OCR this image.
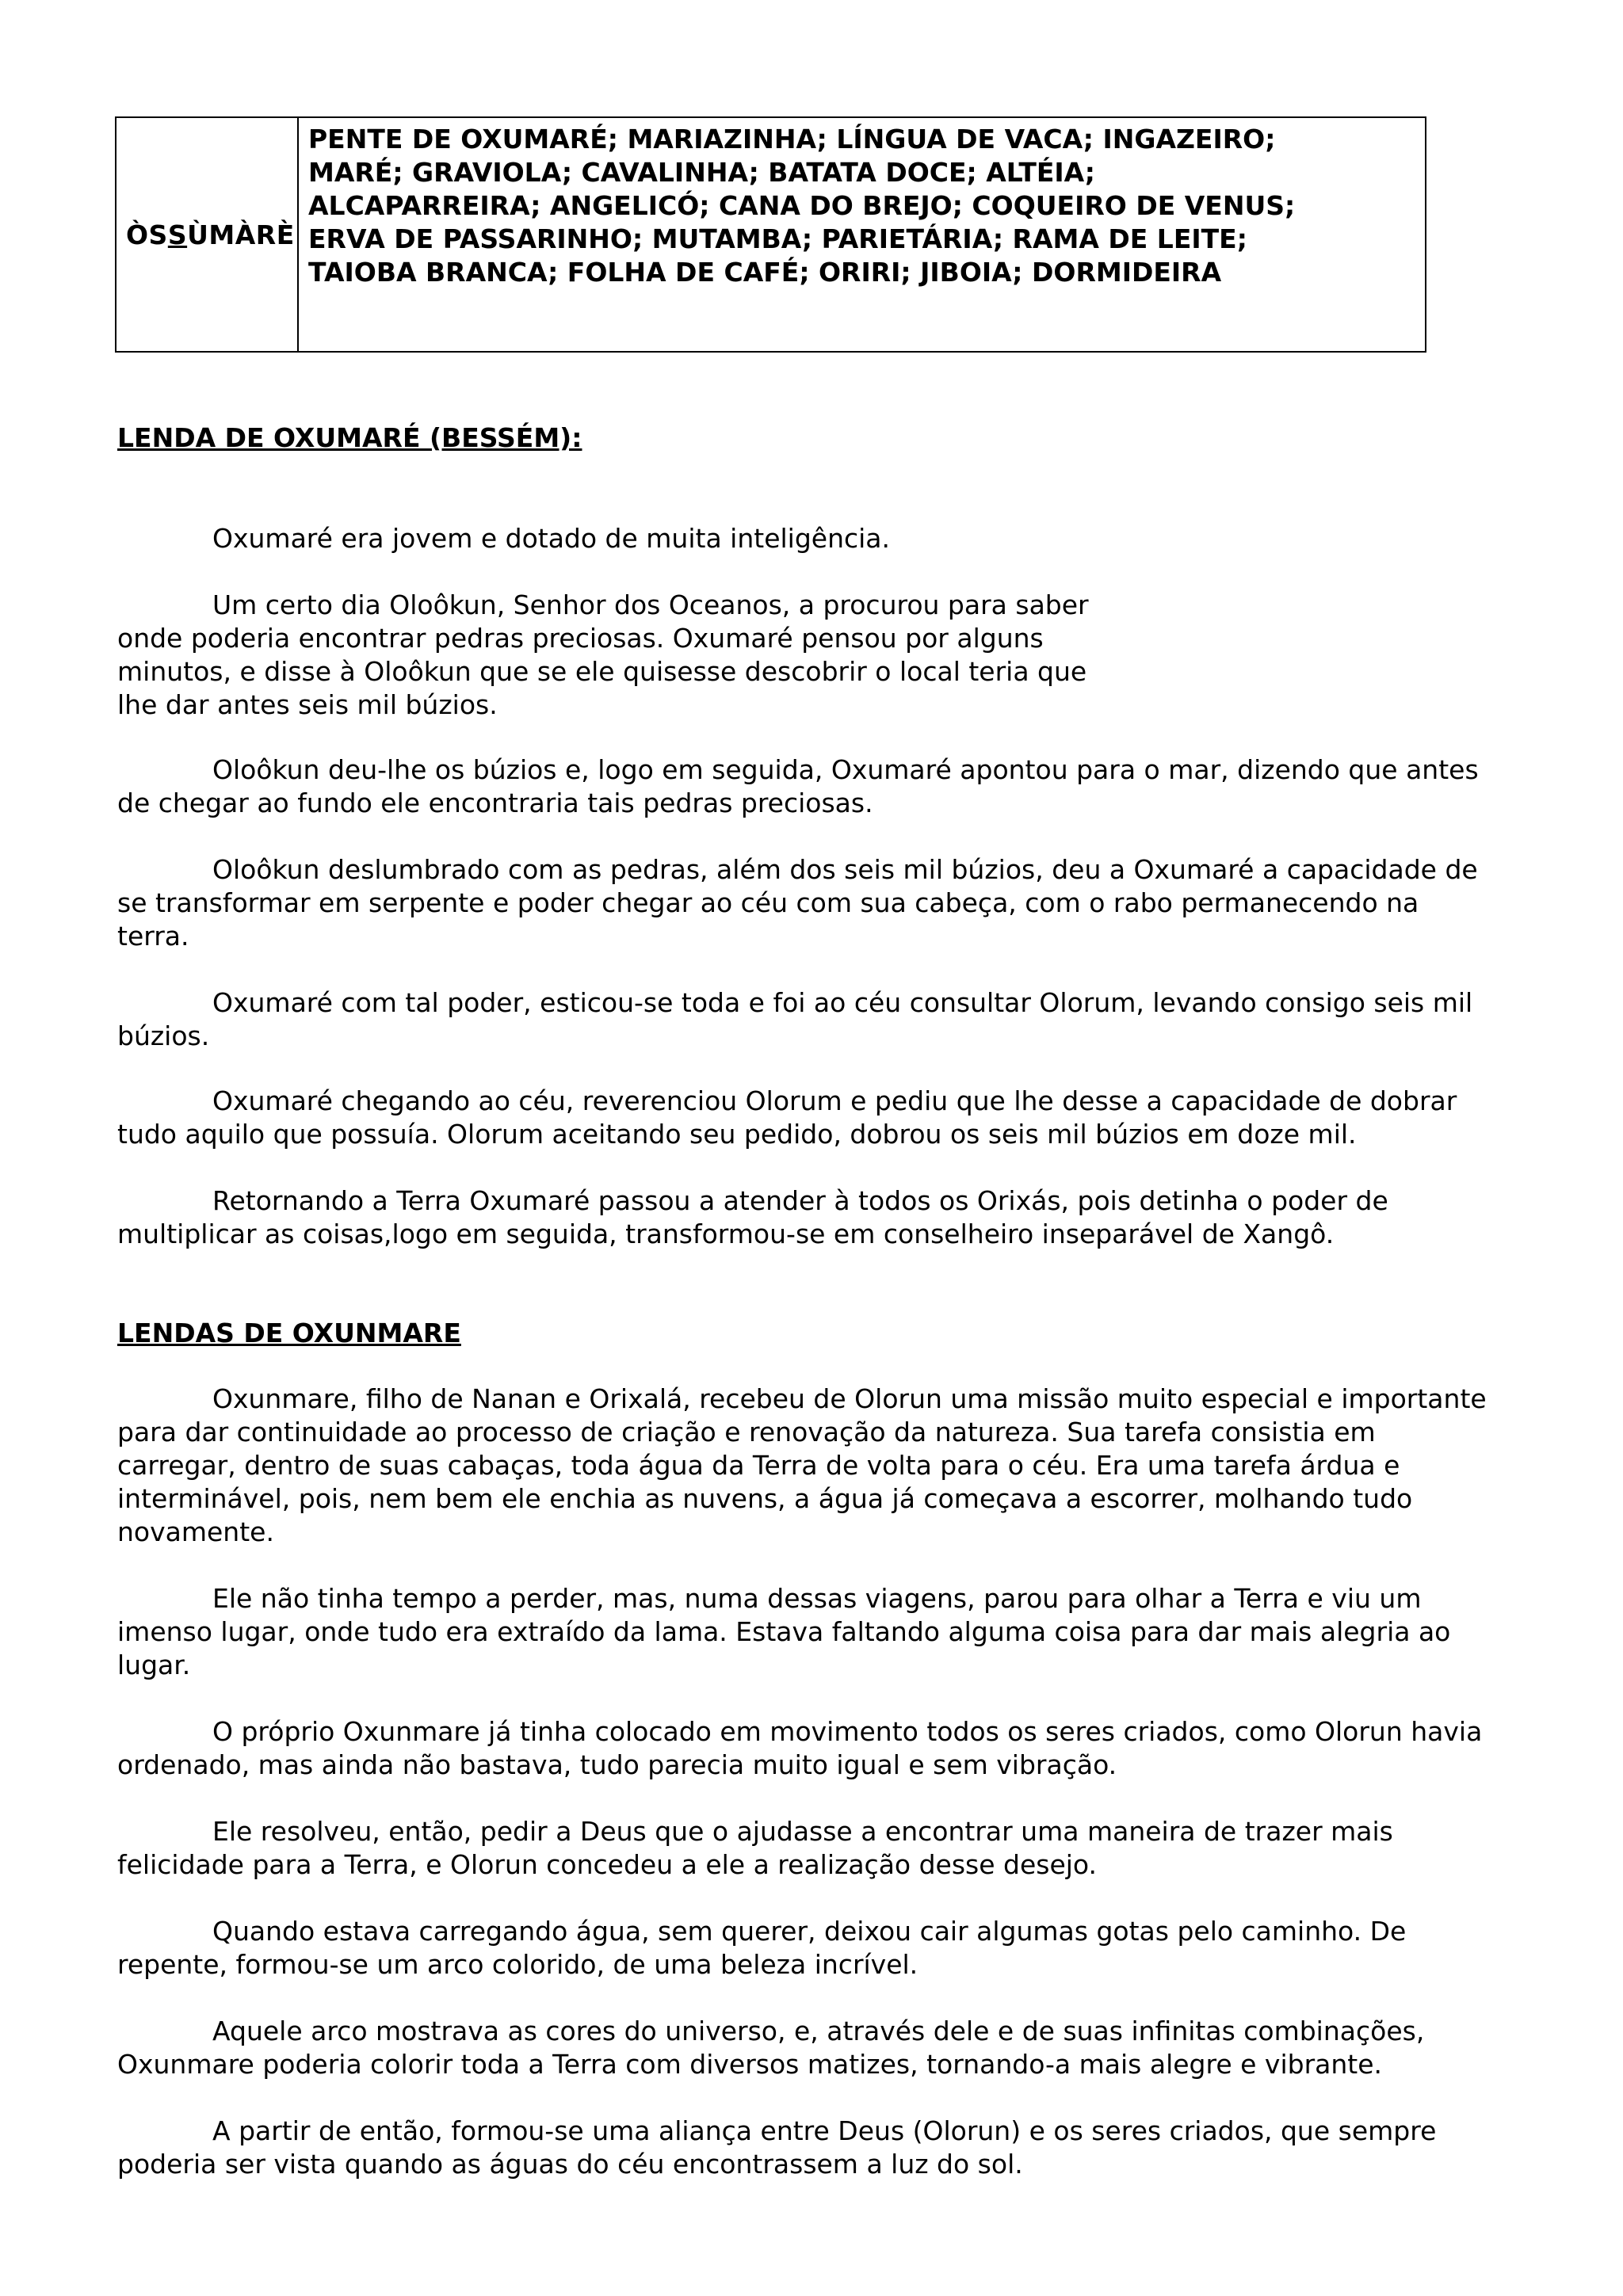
ÒS S ÙMÀRÈ
PENTE DE OXUMARÉ; MARIAZINHA; LÍNGUA DE VACA; INGAZEIRO;
MARÉ; GRAVIOLA; CAVALINHA; BATATA DOCE; ALTÉIA;
ALCAPARREIRA; ANGELICÓ; CANA DO BREJO; COQUEIRO DE VENUS;
ERVA DE PASSARINHO; MUTAMBA; PARIETÁRIA; RAMA DE LEITE;
TAIOBA BRANCA; FOLHA DE CAFÉ; ORIRI; JIBOIA; DORMIDEIRA
LENDA DE OXUMARÉ (BESSÉM):
Oxumaré era jovem e dotado de muita inteligência.
Um certo dia Oloôkun, Senhor dos Oceanos, a procurou para saber
onde poderia encontrar pedras preciosas. Oxumaré pensou por alguns
minutos, e disse à Oloôkun que se ele quisesse descobrir o local teria que
lhe dar antes seis mil búzios.
Oloôkun deu-lhe os búzios e, logo em seguida, Oxumaré apontou para o mar, dizendo que antes
de chegar ao fundo ele encontraria tais pedras preciosas.
Oloôkun deslumbrado com as pedras, além dos seis mil búzios, deu a Oxumaré a capacidade de
se transformar em serpente e poder chegar ao céu com sua cabeça, com o rabo permanecendo na
terra.
Oxumaré com tal poder, esticou-se toda e foi ao céu consultar Olorum, levando consigo seis mil
búzios.
Oxumaré chegando ao céu, reverenciou Olorum e pediu que lhe desse a capacidade de dobrar
tudo aquilo que possuía. Olorum aceitando seu pedido, dobrou os seis mil búzios em doze mil.
Retornando a Terra Oxumaré passou a atender à todos os Orixás, pois detinha o poder de
multiplicar as coisas,logo em seguida, transformou-se em conselheiro inseparável de Xangô.
LENDAS DE OXUNMARE
Oxunmare, filho de Nanan e Orixalá, recebeu de Olorun uma missão muito especial e importante
para dar continuidade ao processo de criação e renovação da natureza. Sua tarefa consistia em
carregar, dentro de suas cabaças, toda água da Terra de volta para o céu. Era uma tarefa árdua e
interminável, pois, nem bem ele enchia as nuvens, a água já começava a escorrer, molhando tudo
novamente.
Ele não tinha tempo a perder, mas, numa dessas viagens, parou para olhar a Terra e viu um
imenso lugar, onde tudo era extraído da lama. Estava faltando alguma coisa para dar mais alegria ao
lugar.
O próprio Oxunmare já tinha colocado em movimento todos os seres criados, como Olorun havia
ordenado, mas ainda não bastava, tudo parecia muito igual e sem vibração.
Ele resolveu, então, pedir a Deus que o ajudasse a encontrar uma maneira de trazer mais
felicidade para a Terra, e Olorun concedeu a ele a realização desse desejo.
Quando estava carregando água, sem querer, deixou cair algumas gotas pelo caminho. De
repente, formou-se um arco colorido, de uma beleza incrível.
Aquele arco mostrava as cores do universo, e, através dele e de suas infinitas combinações,
Oxunmare poderia colorir toda a Terra com diversos matizes, tornando-a mais alegre e vibrante.
A partir de então, formou-se uma aliança entre Deus (Olorun) e os seres criados, que sempre
poderia ser vista quando as águas do céu encontrassem a luz do sol.
